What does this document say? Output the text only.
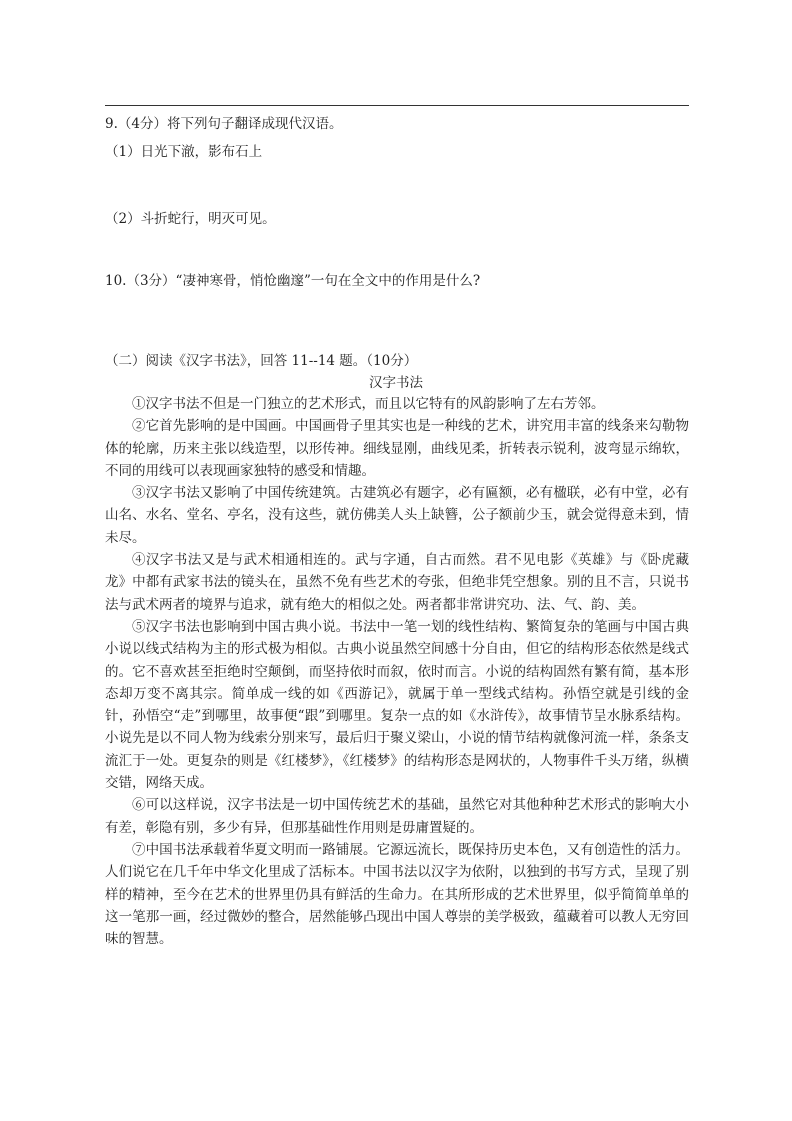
9.（4分）将下列句子翻译成现代汉语。
（1）日光下澈，影布石上
（2）斗折蛇行，明灭可见。
10.（3分）“凄神寒骨，悄怆幽邃”一句在全文中的作用是什么?
（二）阅读《汉字书法》，回答 11--14 题。（10分）
汉字书法

①汉字书法不但是一门独立的艺术形式，而且以它特有的风韵影响了左右芳邻。

②它首先影响的是中国画。中国画骨子里其实也是一种线的艺术，讲究用丰富的线条来勾勒物体的轮廓，历来主张以线造型，以形传神。细线显刚，曲线见柔，折转表示锐利，波弯显示绵软，不同的用线可以表现画家独特的感受和情趣。

③汉字书法又影响了中国传统建筑。古建筑必有题字，必有匾额，必有楹联，必有中堂，必有山名、水名、堂名、亭名，没有这些，就仿佛美人头上缺簪，公子额前少玉，就会觉得意未到，情未尽。

④汉字书法又是与武术相通相连的。武与字通，自古而然。君不见电影《英雄》与《卧虎藏龙》中都有武家书法的镜头在，虽然不免有些艺术的夸张，但绝非凭空想象。别的且不言，只说书法与武术两者的境界与追求，就有绝大的相似之处。两者都非常讲究功、法、气、韵、美。

⑤汉字书法也影响到中国古典小说。书法中一笔一划的线性结构、繁简复杂的笔画与中国古典小说以线式结构为主的形式极为相似。古典小说虽然空间感十分自由，但它的结构形态依然是线式的。它不喜欢甚至拒绝时空颠倒，而坚持依时而叙，依时而言。小说的结构固然有繁有简，基本形态却万变不离其宗。简单成一线的如《西游记》，就属于单一型线式结构。孙悟空就是引线的金针，孙悟空“走”到哪里，故事便“跟”到哪里。复杂一点的如《水浒传》，故事情节呈水脉系结构。小说先是以不同人物为线索分别来写，最后归于聚义梁山，小说的情节结构就像河流一样，条条支流汇于一处。更复杂的则是《红楼梦》，《红楼梦》的结构形态是网状的，人物事件千头万绪，纵横交错，网络天成。

⑥可以这样说，汉字书法是一切中国传统艺术的基础，虽然它对其他种种艺术形式的影响大小有差，彰隐有别，多少有异，但那基础性作用则是毋庸置疑的。

⑦中国书法承载着华夏文明而一路铺展。它源远流长，既保持历史本色，又有创造性的活力。人们说它在几千年中华文化里成了活标本。中国书法以汉字为依附，以独到的书写方式，呈现了别样的精神，至今在艺术的世界里仍具有鲜活的生命力。在其所形成的艺术世界里，似乎简简单单的这一笔那一画，经过微妙的整合，居然能够凸现出中国人尊崇的美学极致，蕴藏着可以教人无穷回味的智慧。
